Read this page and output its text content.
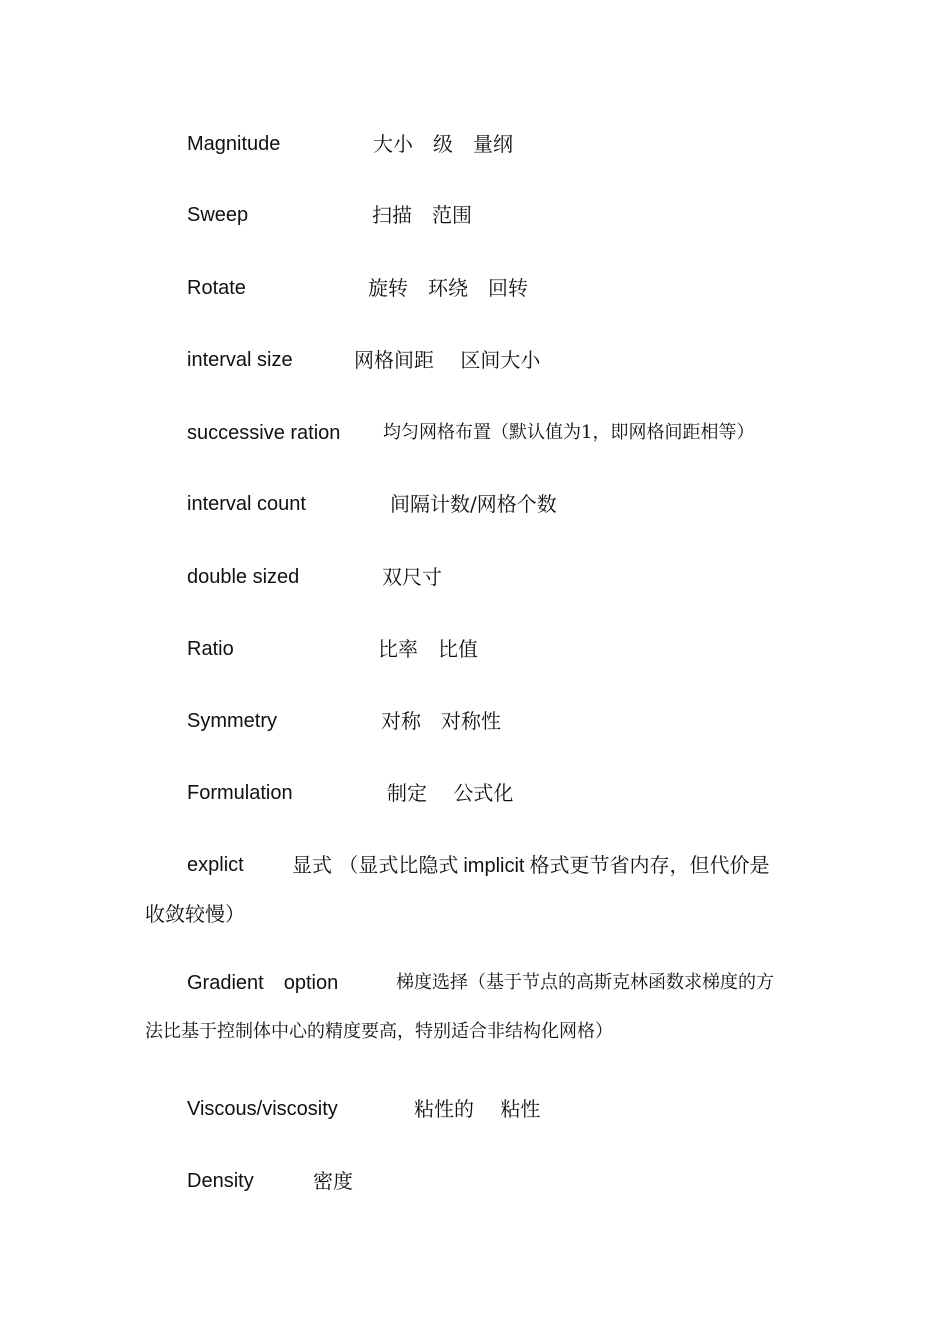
Magnitude	大小　级　量纲
Sweep	扫描　范围
Rotate	旋转　环绕　回转
interval size	网格间距　 区间大小
successive ration 均匀网格布置（默认值为1，即网格间距相等）
interval count	间隔计数/网格个数
double sized	双尺寸
Ratio	比率　比值
Symmetry	对称　对称性
Formulation	制定　 公式化
explict 显式 （显式比隐式 implicit 格式更节省内存，但代价是
收敛较慢）
Gradient　option	梯度选择（基于节点的高斯克林函数求梯度的方
法比基于控制体中心的精度要高，特别适合非结构化网格）
Viscous/viscosity	粘性的　 粘性
Density	密度
